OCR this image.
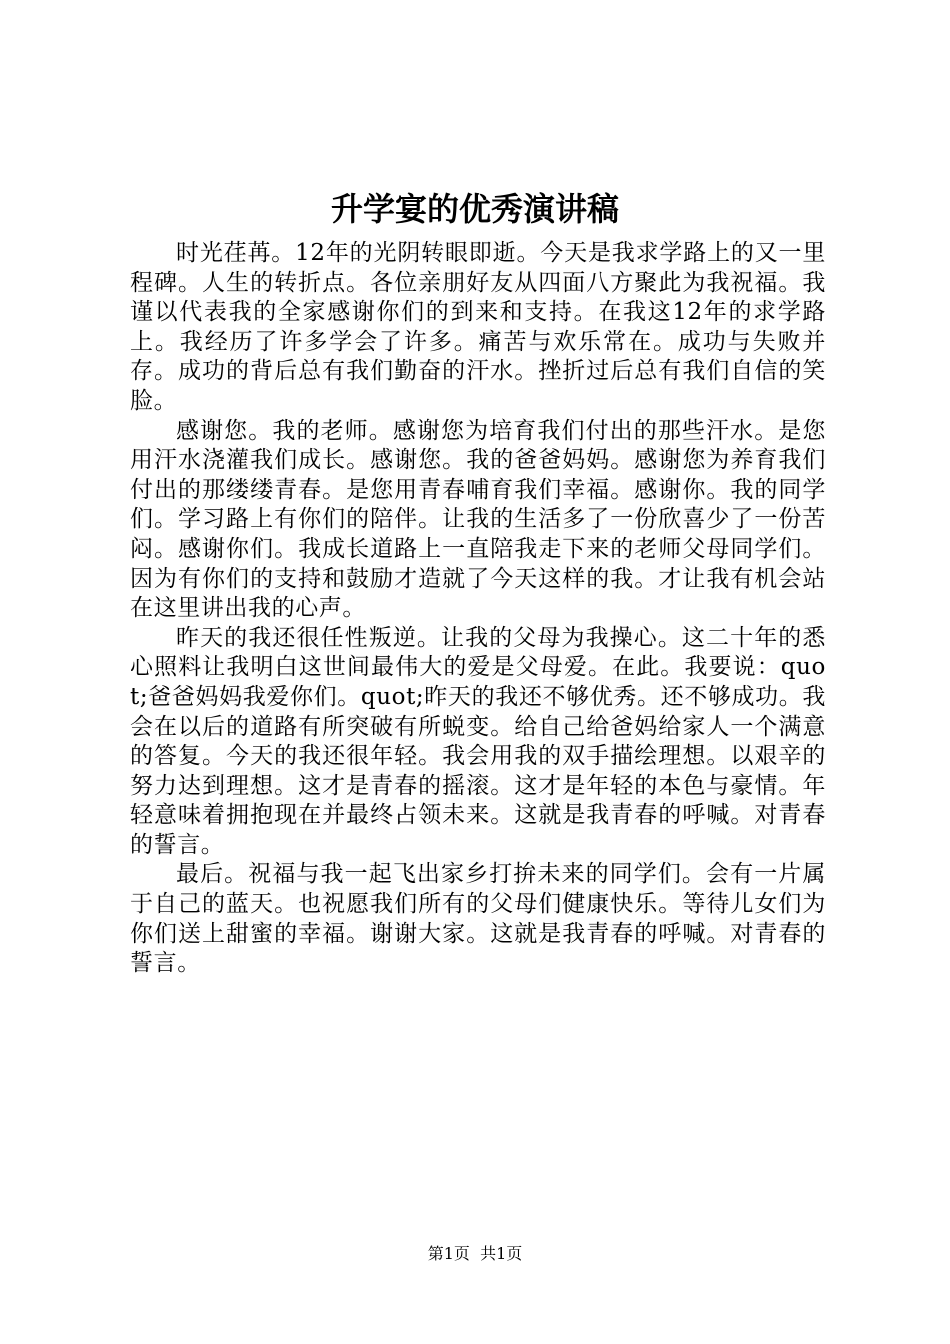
升学宴的优秀演讲稿

时光荏苒。12年的光阴转眼即逝。今天是我求学路上的又一里程碑。人生的转折点。各位亲朋好友从四面八方聚此为我祝福。我谨以代表我的全家感谢你们的到来和支持。在我这12年的求学路上。我经历了许多学会了许多。痛苦与欢乐常在。成功与失败并存。成功的背后总有我们勤奋的汗水。挫折过后总有我们自信的笑脸。

感谢您。我的老师。感谢您为培育我们付出的那些汗水。是您用汗水浇灌我们成长。感谢您。我的爸爸妈妈。感谢您为养育我们付出的那缕缕青春。是您用青春哺育我们幸福。感谢你。我的同学们。学习路上有你们的陪伴。让我的生活多了一份欣喜少了一份苦闷。感谢你们。我成长道路上一直陪我走下来的老师父母同学们。因为有你们的支持和鼓励才造就了今天这样的我。才让我有机会站在这里讲出我的心声。

昨天的我还很任性叛逆。让我的父母为我操心。这二十年的悉心照料让我明白这世间最伟大的爱是父母爱。在此。我要说：quot;爸爸妈妈我爱你们。quot;昨天的我还不够优秀。还不够成功。我会在以后的道路有所突破有所蜕变。给自己给爸妈给家人一个满意的答复。今天的我还很年轻。我会用我的双手描绘理想。以艰辛的努力达到理想。这才是青春的摇滚。这才是年轻的本色与豪情。年轻意味着拥抱现在并最终占领未来。这就是我青春的呼喊。对青春的誓言。

最后。祝福与我一起飞出家乡打拚未来的同学们。会有一片属于自己的蓝天。也祝愿我们所有的父母们健康快乐。等待儿女们为你们送上甜蜜的幸福。谢谢大家。这就是我青春的呼喊。对青春的誓言。

第1页  共1页
